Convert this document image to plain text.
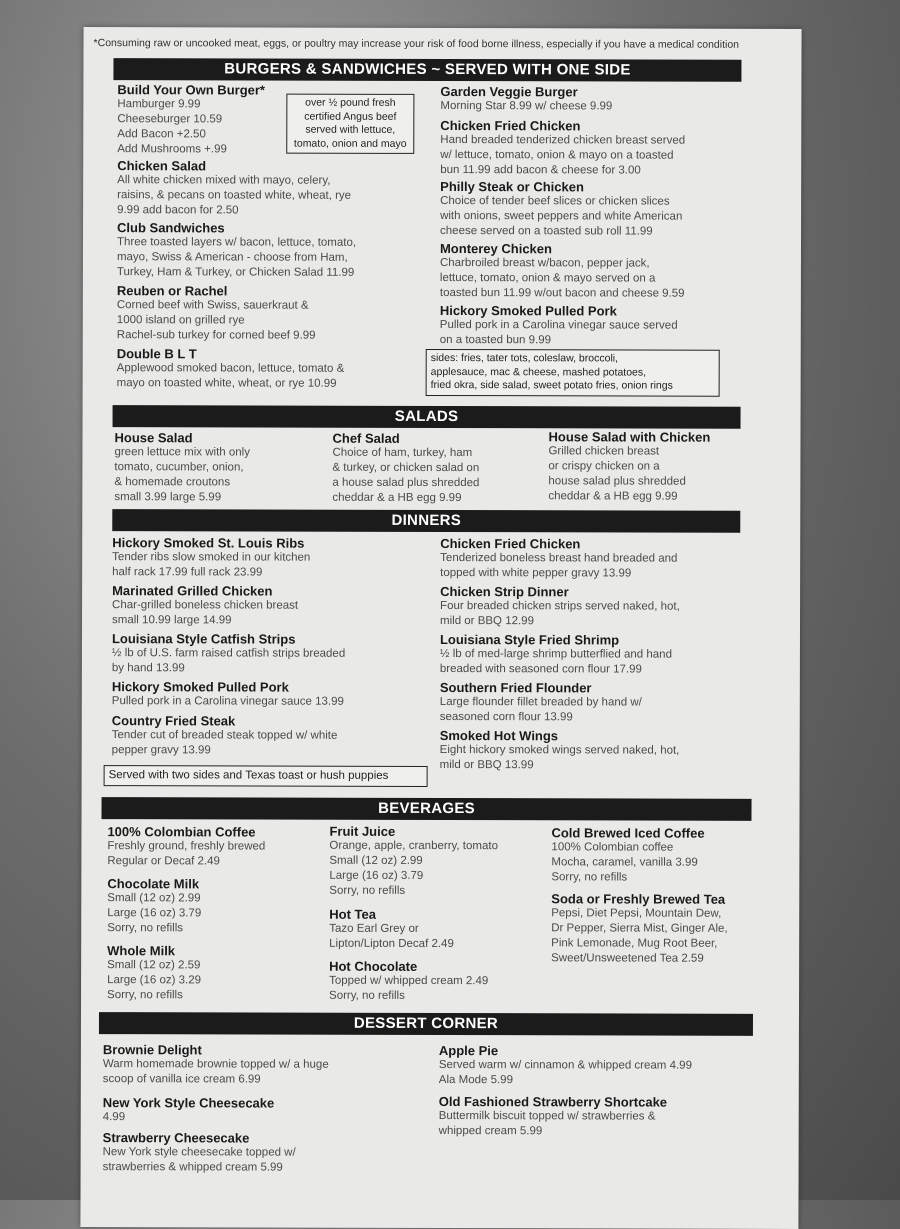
*Consuming raw or uncooked meat, eggs, or poultry may increase your risk of food borne illness, especially if you have a medical condition
BURGERS & SANDWICHES ~ SERVED WITH ONE SIDE
Build Your Own Burger*

Hamburger 9.99

Cheeseburger 10.59

Add Bacon +2.50

Add Mushrooms +.99

over ½ pound fresh
certified Angus beef
served with lettuce,
tomato, onion and mayo
Chicken Salad

All white chicken mixed with mayo, celery,

raisins, & pecans on toasted white, wheat, rye

9.99 add bacon for 2.50

Club Sandwiches

Three toasted layers w/ bacon, lettuce, tomato,

mayo, Swiss & American - choose from Ham,

Turkey, Ham & Turkey, or Chicken Salad 11.99

Reuben or Rachel

Corned beef with Swiss, sauerkraut &

1000 island on grilled rye

Rachel-sub turkey for corned beef 9.99

Double B L T

Applewood smoked bacon, lettuce, tomato &

mayo on toasted white, wheat, or rye 10.99

Garden Veggie Burger

Morning Star 8.99 w/ cheese 9.99

Chicken Fried Chicken

Hand breaded tenderized chicken breast served

w/ lettuce, tomato, onion & mayo on a toasted

bun 11.99 add bacon & cheese for 3.00

Philly Steak or Chicken

Choice of tender beef slices or chicken slices

with onions, sweet peppers and white American

cheese served on a toasted sub roll 11.99

Monterey Chicken

Charbroiled breast w/bacon, pepper jack,

lettuce, tomato, onion & mayo served on a

toasted bun 11.99 w/out bacon and cheese 9.59

Hickory Smoked Pulled Pork

Pulled pork in a Carolina vinegar sauce served

on a toasted bun 9.99

sides: fries, tater tots, coleslaw, broccoli,
applesauce, mac & cheese, mashed potatoes,
fried okra, side salad, sweet potato fries, onion rings
SALADS
House Salad

green lettuce mix with only

tomato, cucumber, onion,

& homemade croutons

small 3.99 large 5.99

Chef Salad

Choice of ham, turkey, ham

& turkey, or chicken salad on

a house salad plus shredded

cheddar & a HB egg 9.99

House Salad with Chicken

Grilled chicken breast

or crispy chicken on a

house salad plus shredded

cheddar & a HB egg 9.99

DINNERS
Hickory Smoked St. Louis Ribs

Tender ribs slow smoked in our kitchen

half rack 17.99 full rack 23.99

Marinated Grilled Chicken

Char-grilled boneless chicken breast

small 10.99 large 14.99

Louisiana Style Catfish Strips

½ lb of U.S. farm raised catfish strips breaded

by hand 13.99

Hickory Smoked Pulled Pork

Pulled pork in a Carolina vinegar sauce 13.99

Country Fried Steak

Tender cut of breaded steak topped w/ white

pepper gravy 13.99

Served with two sides and Texas toast or hush puppies
Chicken Fried Chicken

Tenderized boneless breast hand breaded and

topped with white pepper gravy 13.99

Chicken Strip Dinner

Four breaded chicken strips served naked, hot,

mild or BBQ 12.99

Louisiana Style Fried Shrimp

½ lb of med-large shrimp butterflied and hand

breaded with seasoned corn flour 17.99

Southern Fried Flounder

Large flounder fillet breaded by hand w/

seasoned corn flour 13.99

Smoked Hot Wings

Eight hickory smoked wings served naked, hot,

mild or BBQ 13.99

BEVERAGES
100% Colombian Coffee

Freshly ground, freshly brewed

Regular or Decaf 2.49

Chocolate Milk

Small (12 oz) 2.99

Large (16 oz) 3.79

Sorry, no refills

Whole Milk

Small (12 oz) 2.59

Large (16 oz) 3.29

Sorry, no refills

Fruit Juice

Orange, apple, cranberry, tomato

Small (12 oz) 2.99

Large (16 oz) 3.79

Sorry, no refills

Hot Tea

Tazo Earl Grey or

Lipton/Lipton Decaf 2.49

Hot Chocolate

Topped w/ whipped cream 2.49

Sorry, no refills

Cold Brewed Iced Coffee

100% Colombian coffee

Mocha, caramel, vanilla 3.99

Sorry, no refills

Soda or Freshly Brewed Tea

Pepsi, Diet Pepsi, Mountain Dew,

Dr Pepper, Sierra Mist, Ginger Ale,

Pink Lemonade, Mug Root Beer,

Sweet/Unsweetened Tea 2.59

DESSERT CORNER
Brownie Delight

Warm homemade brownie topped w/ a huge

scoop of vanilla ice cream 6.99

New York Style Cheesecake

4.99

Strawberry Cheesecake

New York style cheesecake topped w/

strawberries & whipped cream 5.99

Apple Pie

Served warm w/ cinnamon & whipped cream 4.99

Ala Mode 5.99

Old Fashioned Strawberry Shortcake

Buttermilk biscuit topped w/ strawberries &

whipped cream 5.99
